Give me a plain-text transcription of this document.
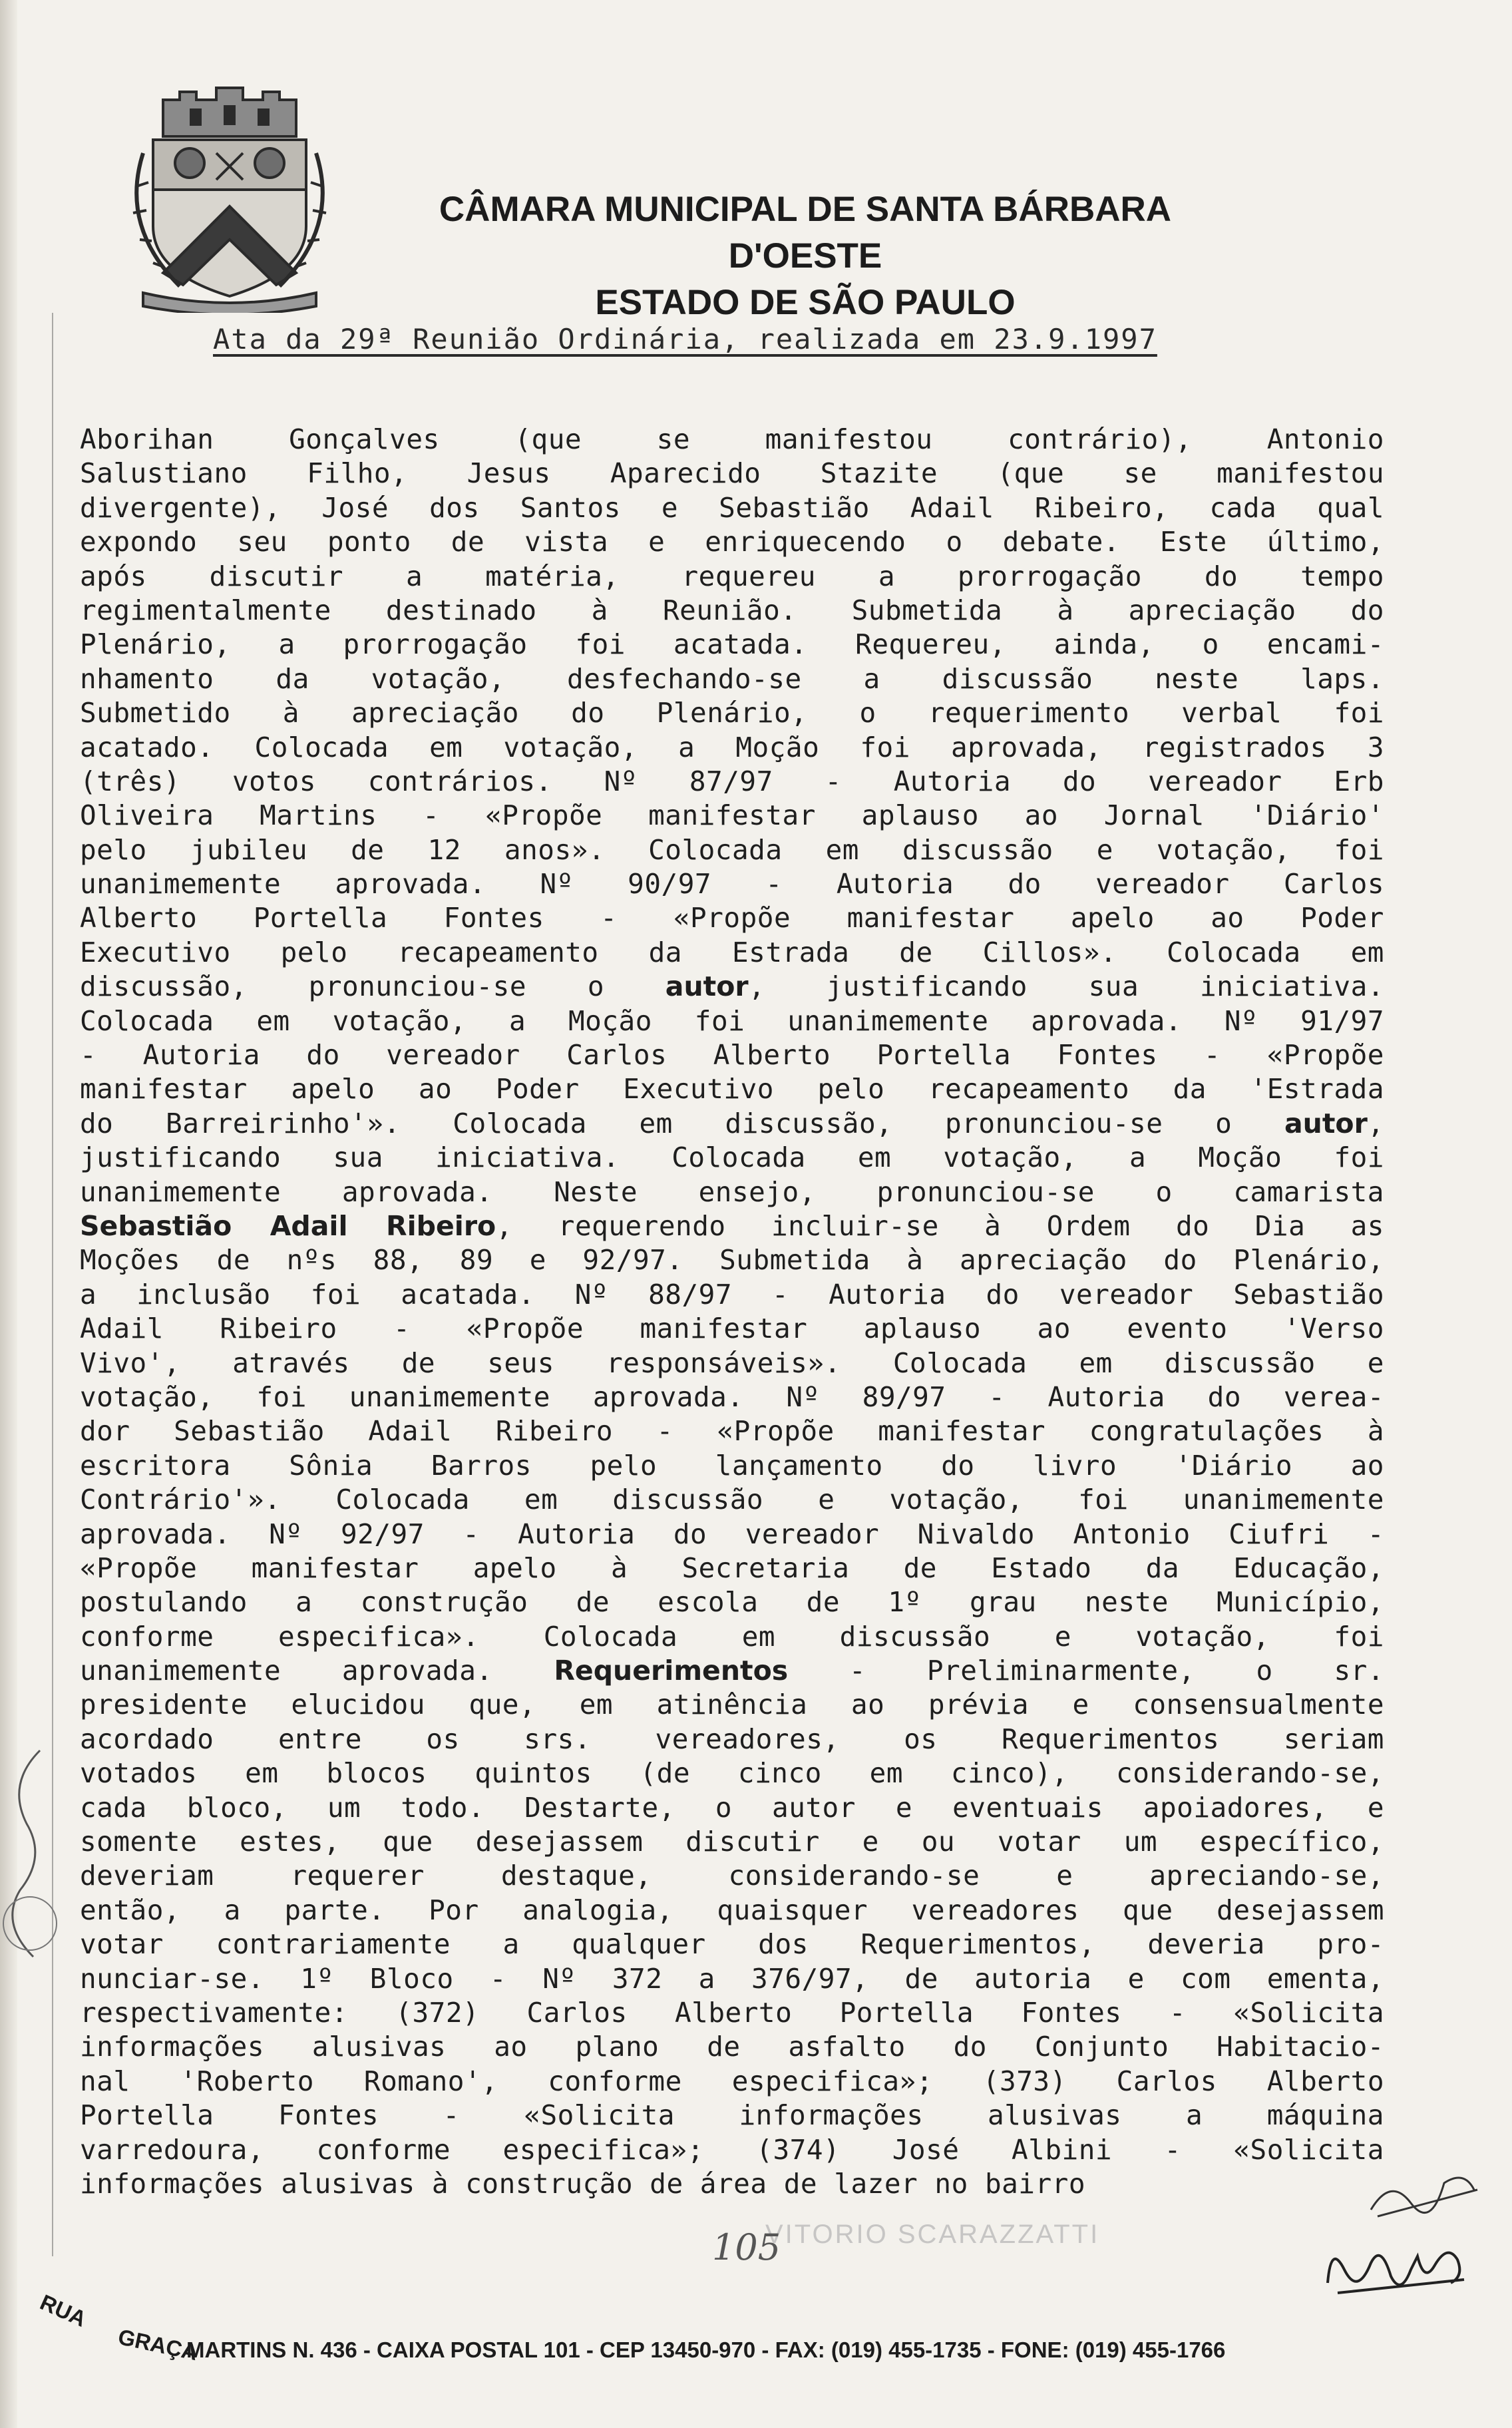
CÂMARA MUNICIPAL DE SANTA BÁRBARA D'OESTE
ESTADO DE SÃO PAULO
Ata da 29ª Reunião Ordinária, realizada em 23.9.1997
Aborihan Gonçalves (que se manifestou contrário), Antonio
Salustiano Filho, Jesus Aparecido Stazite (que se manifestou
divergente), José dos Santos e Sebastião Adail Ribeiro, cada qual
expondo seu ponto de vista e enriquecendo o debate. Este último,
após discutir a matéria, requereu a prorrogação do tempo
regimentalmente destinado à Reunião. Submetida à apreciação do
Plenário, a prorrogação foi acatada. Requereu, ainda, o encami-
nhamento da votação, desfechando-se a discussão neste laps.
Submetido à apreciação do Plenário, o requerimento verbal foi
acatado. Colocada em votação, a Moção foi aprovada, registrados 3
(três) votos contrários. Nº 87/97 - Autoria do vereador Erb
Oliveira Martins - «Propõe manifestar aplauso ao Jornal 'Diário'
pelo jubileu de 12 anos». Colocada em discussão e votação, foi
unanimemente aprovada. Nº 90/97 - Autoria do vereador Carlos
Alberto Portella Fontes - «Propõe manifestar apelo ao Poder
Executivo pelo recapeamento da Estrada de Cillos». Colocada em
discussão, pronunciou-se o autor, justificando sua iniciativa.
Colocada em votação, a Moção foi unanimemente aprovada. Nº 91/97
- Autoria do vereador Carlos Alberto Portella Fontes - «Propõe
manifestar apelo ao Poder Executivo pelo recapeamento da 'Estrada
do Barreirinho'». Colocada em discussão, pronunciou-se o autor,
justificando sua iniciativa. Colocada em votação, a Moção foi
unanimemente aprovada. Neste ensejo, pronunciou-se o camarista
Sebastião Adail Ribeiro, requerendo incluir-se à Ordem do Dia as
Moções de nºs 88, 89 e 92/97. Submetida à apreciação do Plenário,
a inclusão foi acatada. Nº 88/97 - Autoria do vereador Sebastião
Adail Ribeiro - «Propõe manifestar aplauso ao evento 'Verso
Vivo', através de seus responsáveis». Colocada em discussão e
votação, foi unanimemente aprovada. Nº 89/97 - Autoria do verea-
dor Sebastião Adail Ribeiro - «Propõe manifestar congratulações à
escritora Sônia Barros pelo lançamento do livro 'Diário ao
Contrário'». Colocada em discussão e votação, foi unanimemente
aprovada. Nº 92/97 - Autoria do vereador Nivaldo Antonio Ciufri -
«Propõe manifestar apelo à Secretaria de Estado da Educação,
postulando a construção de escola de 1º grau neste Município,
conforme especifica». Colocada em discussão e votação, foi
unanimemente aprovada. Requerimentos - Preliminarmente, o sr.
presidente elucidou que, em atinência ao prévia e consensualmente
acordado entre os srs. vereadores, os Requerimentos seriam
votados em blocos quintos (de cinco em cinco), considerando-se,
cada bloco, um todo. Destarte, o autor e eventuais apoiadores, e
somente estes, que desejassem discutir e ou votar um específico,
deveriam requerer destaque, considerando-se e apreciando-se,
então, a parte. Por analogia, quaisquer vereadores que desejassem
votar contrariamente a qualquer dos Requerimentos, deveria pro-
nunciar-se. 1º Bloco - Nº 372 a 376/97, de autoria e com ementa,
respectivamente: (372) Carlos Alberto Portella Fontes - «Solicita
informações alusivas ao plano de asfalto do Conjunto Habitacio-
nal 'Roberto Romano', conforme especifica»; (373) Carlos Alberto
Portella Fontes - «Solicita informações alusivas a máquina
varredoura, conforme especifica»; (374) José Albini - «Solicita
informações alusivas à construção de área de lazer no bairro
VITORIO SCARAZZATTI
105
RUA
GRAÇA
MARTINS N. 436 - CAIXA POSTAL 101 - CEP 13450-970 - FAX: (019) 455-1735 - FONE: (019) 455-1766
